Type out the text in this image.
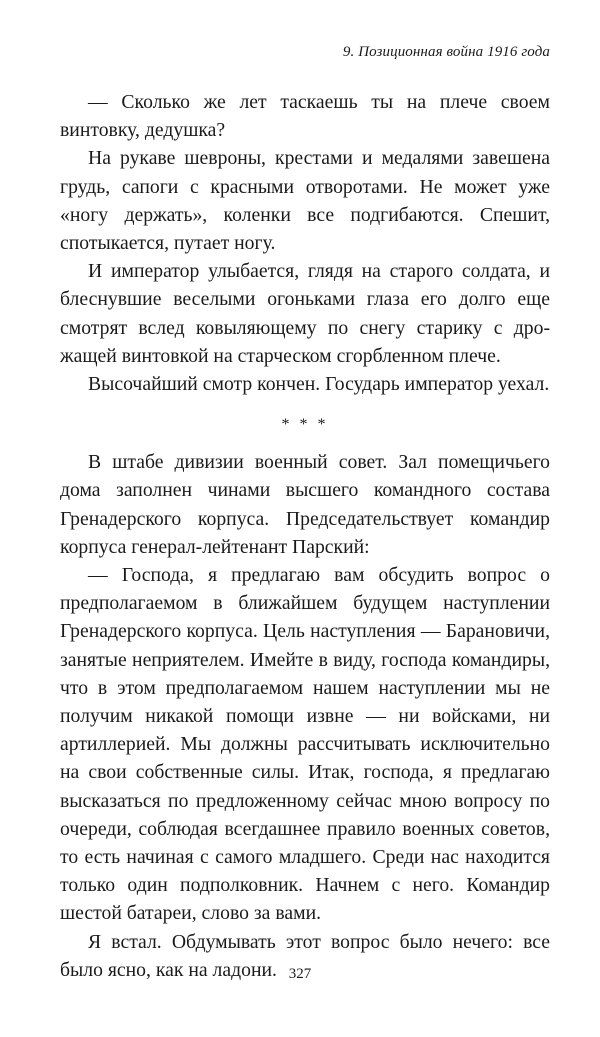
9. Позиционная война 1916 года

— Сколько же лет таскаешь ты на плече своем винтовку, дедушка?

На рукаве шевроны, крестами и медалями завешена грудь, сапоги с красными отворотами. Не может уже «ногу держать», коленки все подгибаются. Спешит, спотыкается, путает ногу.

И император улыбается, глядя на старого солдата, и блеснувшие веселыми огоньками глаза его долго еще смотрят вслед ковыляющему по снегу старику с дрожащей винтовкой на старческом сгорбленном плече.

Высочайший смотр кончен. Государь император уехал.

* * *

В штабе дивизии военный совет. Зал помещичьего дома заполнен чинами высшего командного состава Гренадерского корпуса. Председательствует командир корпуса генерал-лейтенант Парский:

— Господа, я предлагаю вам обсудить вопрос о предполагаемом в ближайшем будущем наступлении Гренадерского корпуса. Цель наступления — Барановичи, занятые неприятелем. Имейте в виду, господа командиры, что в этом предполагаемом нашем наступлении мы не получим никакой помощи извне — ни войсками, ни артиллерией. Мы должны рассчитывать исключительно на свои собственные силы. Итак, господа, я предлагаю высказаться по предложенному сейчас мною вопросу по очереди, соблюдая всегдашнее правило военных советов, то есть начиная с самого младшего. Среди нас находится только один подполковник. Начнем с него. Командир шестой батареи, слово за вами.

Я встал. Обдумывать этот вопрос было нечего: все было ясно, как на ладони. 327
